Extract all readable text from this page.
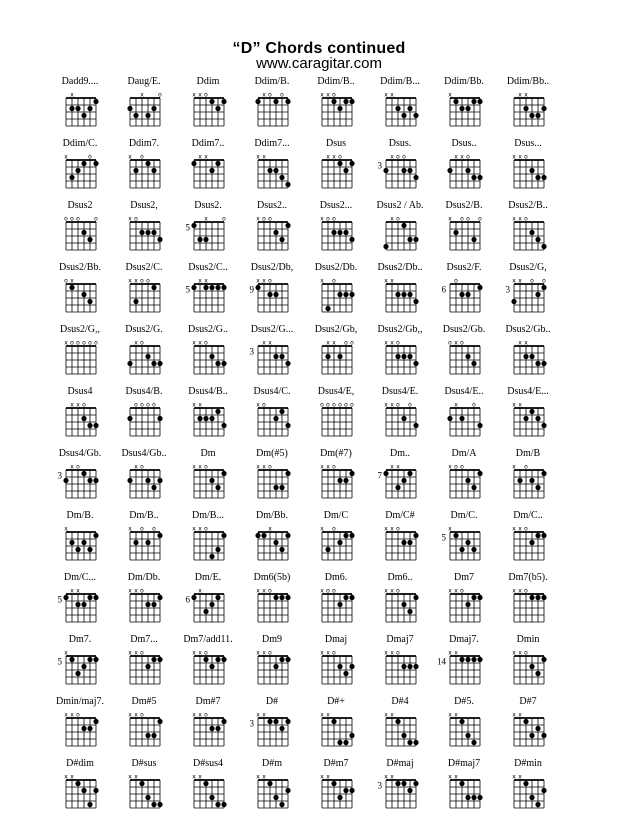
“D” Chords continued
www.caragitar.com
Dadd9....
x
Daug/E.
x o
Ddim
x x o
Ddim/B.
x o o
Ddim/B..
x x o
Ddim/B...
x x
Ddim/Bb.
x
Ddim/Bb..
x x
Ddim/C.
x	o
Ddim7.
x o
Ddim7..
x x
Ddim7...
x x
Dsus
x x o
Dsus.
x o o
3
Dsus..
x x o
Dsus...
x x o
Dsus2
o o o o
Dsus2,
x o
Dsus2.
x o
5
Dsus2..
x o o
Dsus2...
x o o
Dsus2 / Ab.
x o
Dsus2/B.
x o o o
Dsus2/B..
x x o
Dsus2/Bb.
o x
Dsus2/C.
x x o o
Dsus2/C..
x x
5
Dsus2/Db,
x x o
9
Dsus2/Db.
x o
Dsus2/Db..
x x
Dsus2/F.
o
6
Dsus2/G,
x x o o
3
Dsus2/G,,
x o o o o o
Dsus2/G.
x o
Dsus2/G..
x x o
Dsus2/G...
x x
3
Dsus2/Gb,
x x o o
Dsus2/Gb,,
x x o
Dsus2/Gb.
o x o
Dsus2/Gb..
x x
Dsus4
x x o
Dsus4/B.
o o o o
Dsus4/B..
x x
Dsus4/C.
x o
Dsus4/E,
o o o o o o
Dsus4/E.
x x o o
Dsus4/E..
x o
Dsus4/E...
x x
Dsus4/Gb.
x o
3
Dsus4/Gb..
x o
Dm
x x o
Dm(#5)
x x o
Dm(#7)
x x o
Dm..
x x
7
Dm/A
x o o
Dm/B
x o
Dm/B.
x
Dm/B..
x o o
Dm/B...
x x o
Dm/Bb.
x
Dm/C
x o
Dm/C#
x x o
Dm/C.
x
5
Dm/C..
x x o
Dm/C...
x x
5
Dm/Db.
x x o
Dm/E.
x
6
Dm6(5b)
x x o
Dm6.
x o o
Dm6..
x x o
Dm7
x x o
Dm7(b5).
x x o
Dm7.
x
5
Dm7...
x x o
Dm7/add11.
x x o
Dm9
x x o
Dmaj
x x o
Dmaj7
x x o
Dmaj7.
x x
14
Dmin
x x o
Dmin/maj7.
x x o
Dm#5
x x o
Dm#7
x x o
D#
x x
3
D#+
x x
D#4
x x
D#5.
x x
D#7
x x
D#dim
x x
D#sus
x x
D#sus4
x x
D#m
x x
D#m7
x x
D#maj
x x
3
D#maj7
x x
D#min
x x
